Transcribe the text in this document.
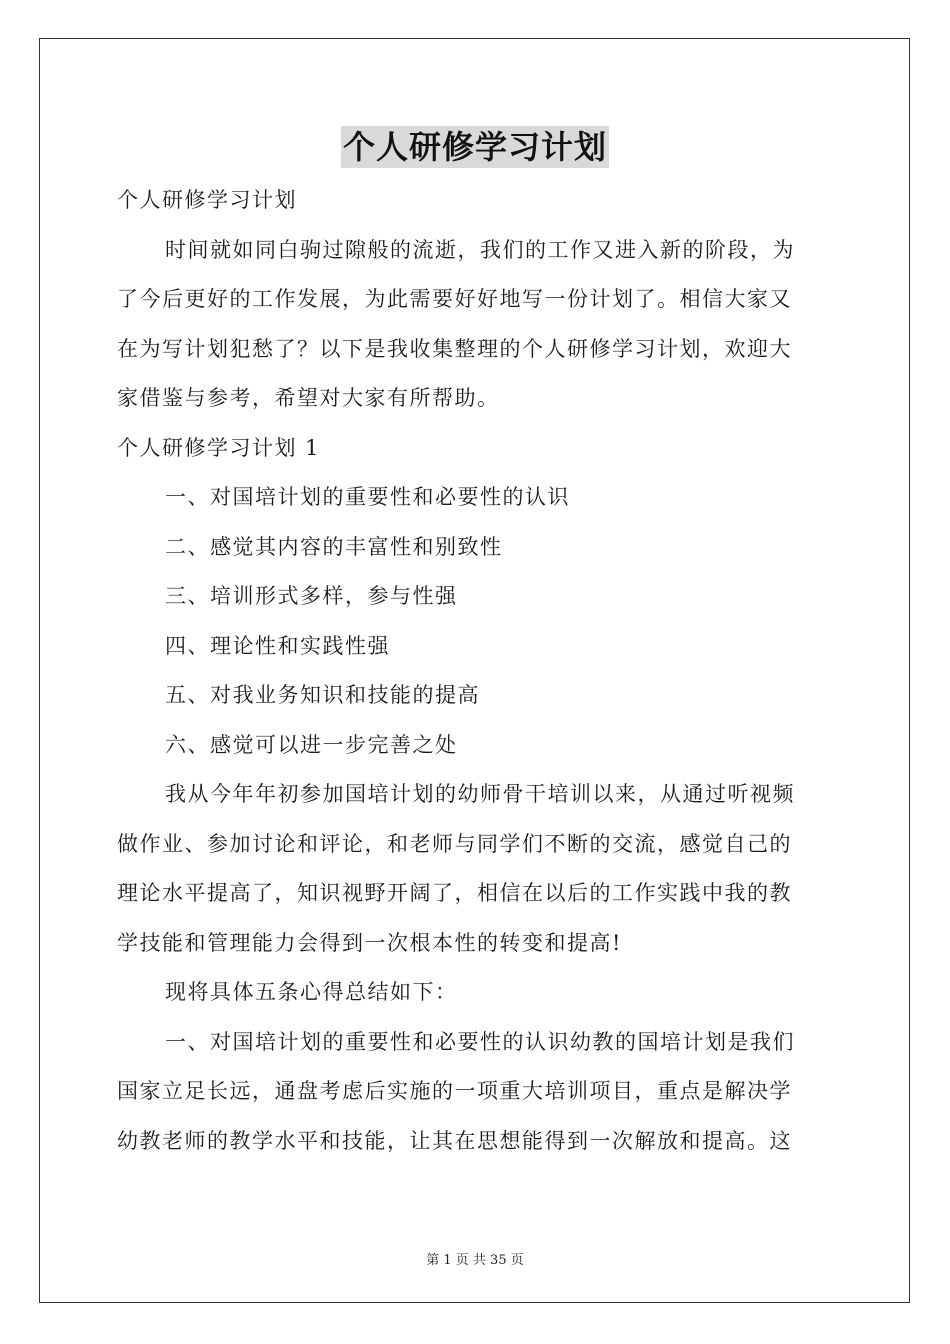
个人研修学习计划
个人研修学习计划
时间就如同白驹过隙般的流逝，我们的工作又进入新的阶段，为
了今后更好的工作发展，为此需要好好地写一份计划了。相信大家又
在为写计划犯愁了？以下是我收集整理的个人研修学习计划，欢迎大
家借鉴与参考，希望对大家有所帮助。
个人研修学习计划 1
一、对国培计划的重要性和必要性的认识
二、感觉其内容的丰富性和别致性
三、培训形式多样，参与性强
四、理论性和实践性强
五、对我业务知识和技能的提高
六、感觉可以进一步完善之处
我从今年年初参加国培计划的幼师骨干培训以来，从通过听视频
做作业、参加讨论和评论，和老师与同学们不断的交流，感觉自己的
理论水平提高了，知识视野开阔了，相信在以后的工作实践中我的教
学技能和管理能力会得到一次根本性的转变和提高!
现将具体五条心得总结如下：
一、对国培计划的重要性和必要性的认识幼教的国培计划是我们
国家立足长远，通盘考虑后实施的一项重大培训项目，重点是解决学
幼教老师的教学水平和技能，让其在思想能得到一次解放和提高。这
第 1 页 共 35 页
